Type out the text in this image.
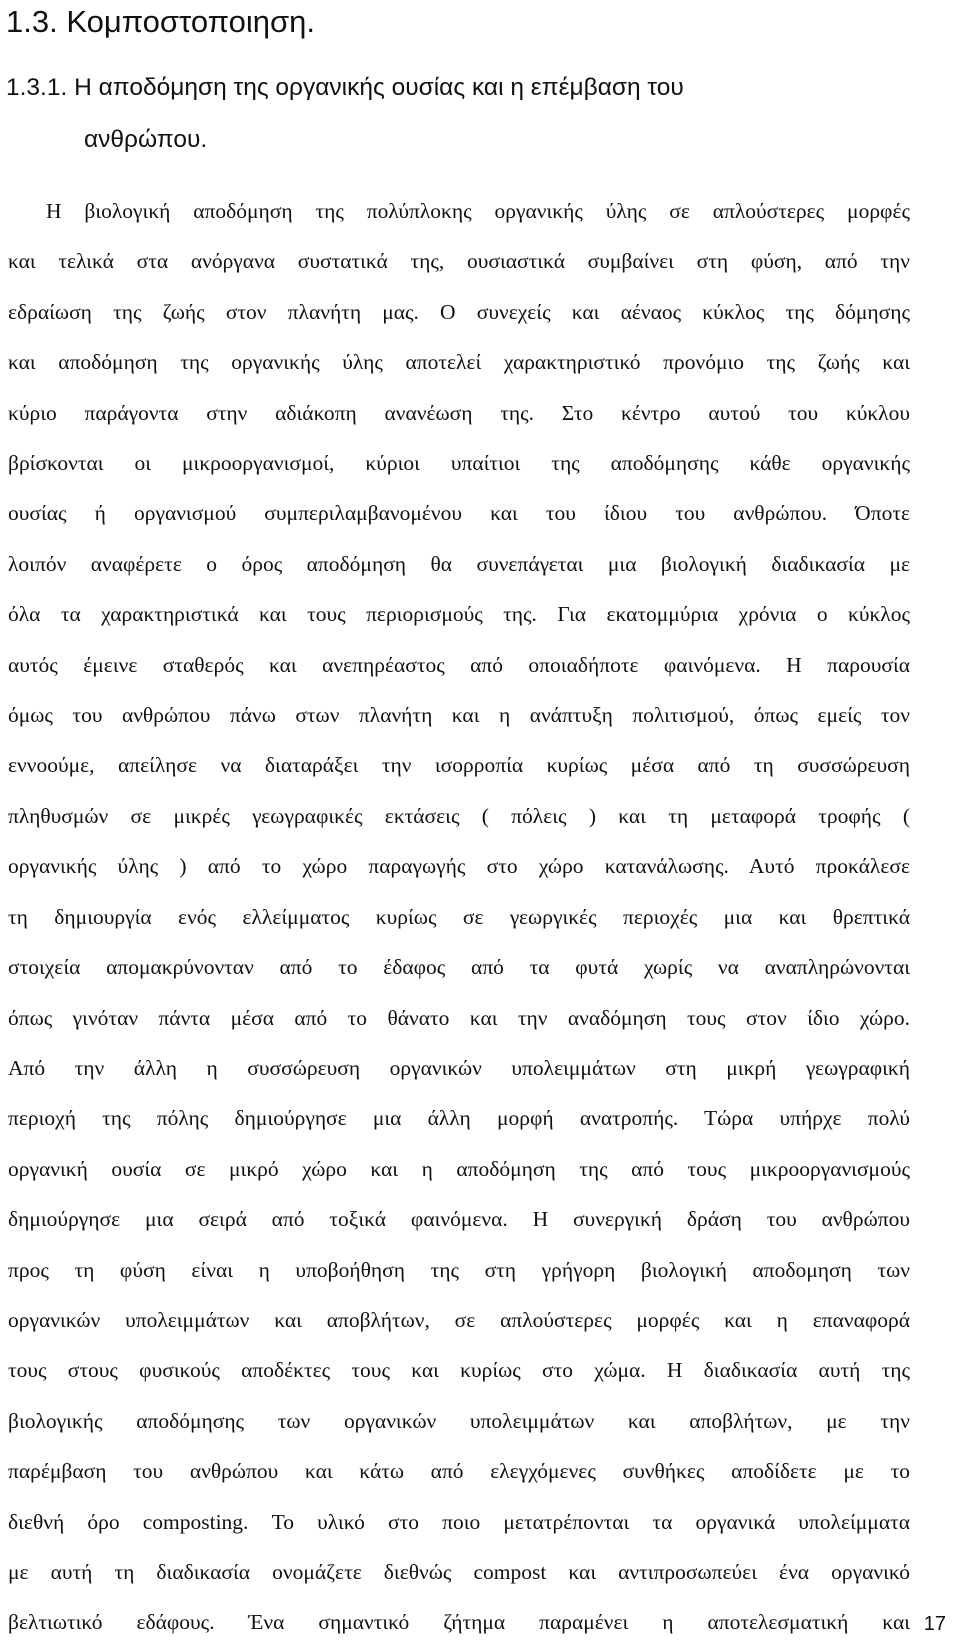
1.3. Κομποστοποιηση.
1.3.1. Η αποδόμηση της οργανικής ουσίας και η επέμβαση του
ανθρώπου.

Η βιολογική αποδόμηση της πολύπλοκης οργανικής ύλης σε απλούστερες μορφές
και τελικά στα ανόργανα συστατικά της, ουσιαστικά συμβαίνει στη φύση, από την
εδραίωση της ζωής στον πλανήτη μας. Ο συνεχείς και αέναος κύκλος της δόμησης
και αποδόμηση της οργανικής ύλης αποτελεί χαρακτηριστικό προνόμιο της ζωής και
κύριο παράγοντα στην αδιάκοπη ανανέωση της. Στο κέντρο αυτού του κύκλου
βρίσκονται οι μικροοργανισμοί, κύριοι υπαίτιοι της αποδόμησης κάθε οργανικής
ουσίας ή οργανισμού συμπεριλαμβανομένου και του ίδιου του ανθρώπου. Όποτε
λοιπόν αναφέρετε ο όρος αποδόμηση θα συνεπάγεται μια βιολογική διαδικασία με
όλα τα χαρακτηριστικά και τους περιορισμούς της. Για εκατομμύρια χρόνια ο κύκλος
αυτός έμεινε σταθερός και ανεπηρέαστος από οποιαδήποτε φαινόμενα. Η παρουσία
όμως του ανθρώπου πάνω στων πλανήτη και η ανάπτυξη πολιτισμού, όπως εμείς τον
εννοούμε, απείλησε να διαταράξει την ισορροπία κυρίως μέσα από τη συσσώρευση
πληθυσμών σε μικρές γεωγραφικές εκτάσεις ( πόλεις ) και τη μεταφορά τροφής (
οργανικής ύλης ) από το χώρο παραγωγής στο χώρο κατανάλωσης. Αυτό προκάλεσε
τη δημιουργία ενός ελλείμματος κυρίως σε γεωργικές περιοχές μια και θρεπτικά
στοιχεία απομακρύνονταν από το έδαφος από τα φυτά χωρίς να αναπληρώνονται
όπως γινόταν πάντα μέσα από το θάνατο και την αναδόμηση τους στον ίδιο χώρο.
Από την άλλη η συσσώρευση οργανικών υπολειμμάτων στη μικρή γεωγραφική
περιοχή της πόλης δημιούργησε μια άλλη μορφή ανατροπής. Τώρα υπήρχε πολύ
οργανική ουσία σε μικρό χώρο και η αποδόμηση της από τους μικροοργανισμούς
δημιούργησε μια σειρά από τοξικά φαινόμενα. Η συνεργική δράση του ανθρώπου
προς τη φύση είναι η υποβοήθηση της στη γρήγορη βιολογική αποδομηση των
οργανικών υπολειμμάτων και αποβλήτων, σε απλούστερες μορφές και η επαναφορά
τους στους φυσικούς αποδέκτες τους και κυρίως στο χώμα. Η διαδικασία αυτή της
βιολογικής αποδόμησης των οργανικών υπολειμμάτων και αποβλήτων, με την
παρέμβαση του ανθρώπου και κάτω από ελεγχόμενες συνθήκες αποδίδετε με το
διεθνή όρο composting. Το υλικό στο ποιο μετατρέπονται τα οργανικά υπολείμματα
με αυτή τη διαδικασία ονομάζετε διεθνώς compost και αντιπροσωπεύει ένα οργανικό
βελτιωτικό εδάφους. Ένα σημαντικό ζήτημα παραμένει η αποτελεσματική και 17
